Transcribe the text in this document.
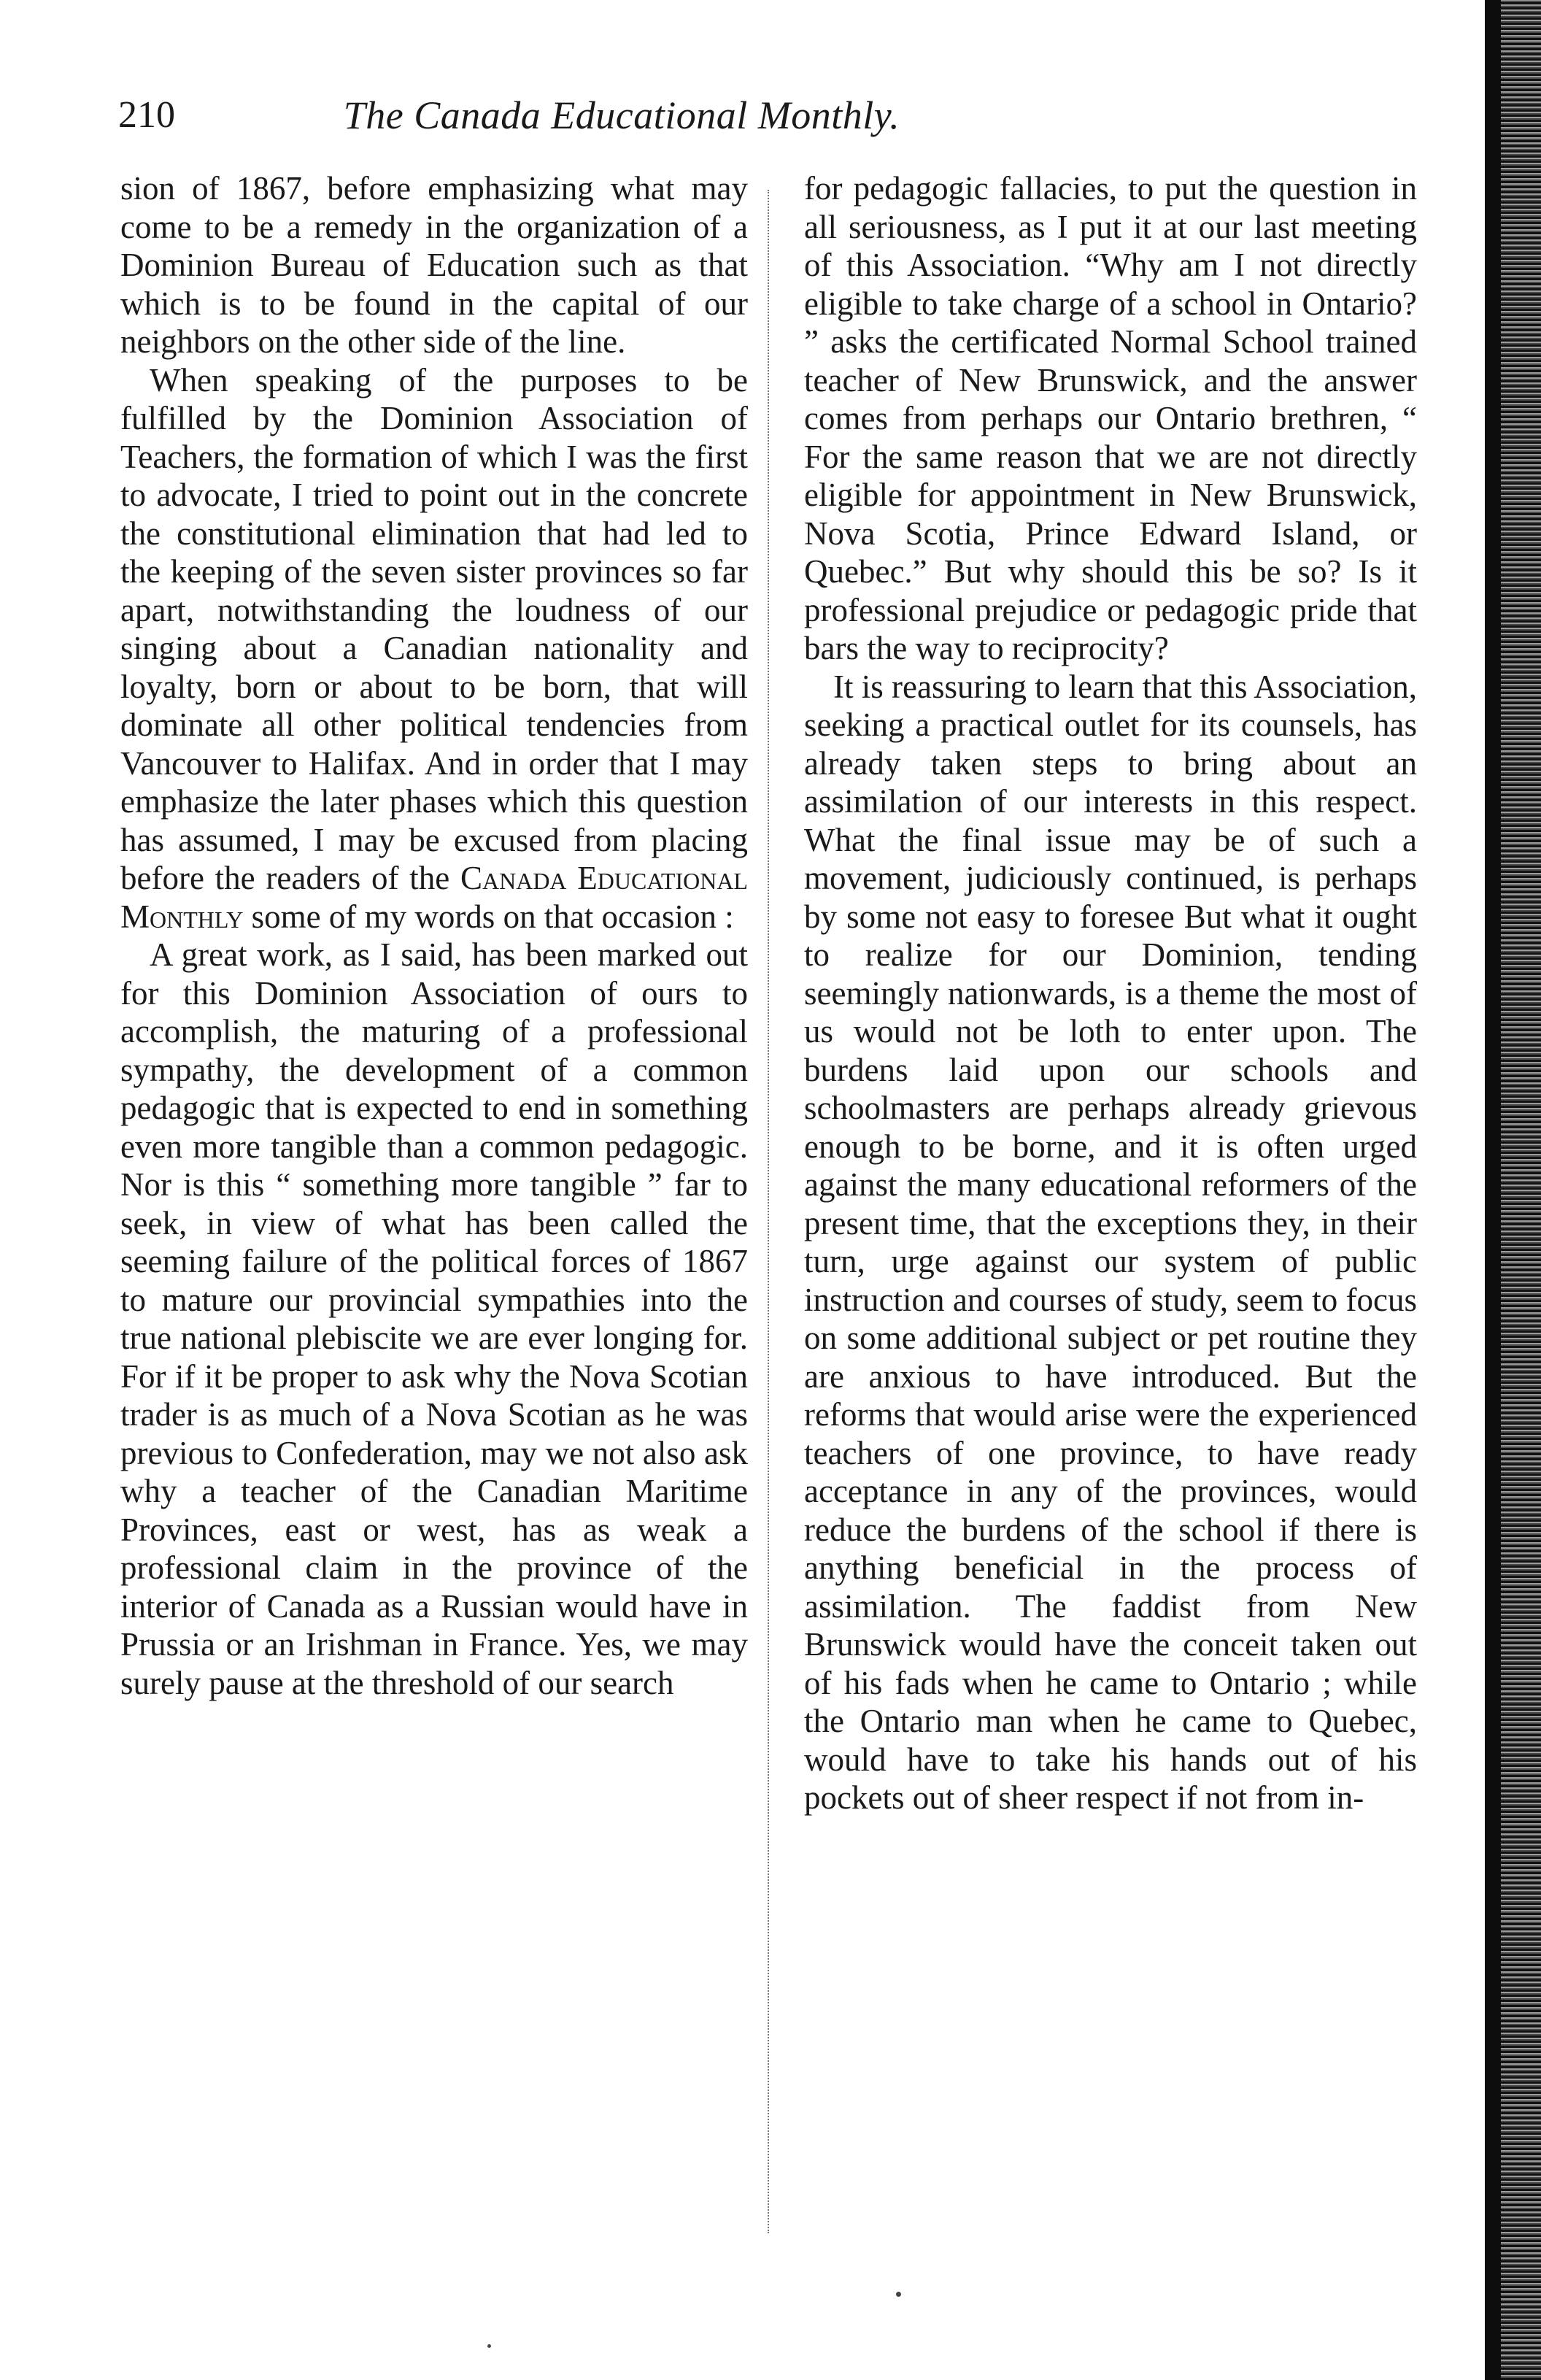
210	The Canada Educational Monthly.

sion of 1867, before emphasizing what may come to be a remedy in the organization of a Dominion Bureau of Education such as that which is to be found in the capital of our neighbors on the other side of the line.

When speaking of the purposes to be fulfilled by the Dominion Association of Teachers, the formation of which I was the first to advocate, I tried to point out in the concrete the constitutional elimination that had led to the keeping of the seven sister provinces so far apart, notwithstanding the loudness of our singing about a Canadian nationality and loyalty, born or about to be born, that will dominate all other political tendencies from Vancouver to Halifax. And in order that I may emphasize the later phases which this question has assumed, I may be excused from placing before the readers of the Canada Educational Monthly some of my words on that occasion :

A great work, as I said, has been marked out for this Dominion Association of ours to accomplish, the maturing of a professional sympathy, the development of a common pedagogic that is expected to end in something even more tangible than a common pedagogic. Nor is this “ something more tangible ” far to seek, in view of what has been called the seeming failure of the political forces of 1867 to mature our provincial sympathies into the true national plebiscite we are ever longing for. For if it be proper to ask why the Nova Scotian trader is as much of a Nova Scotian as he was previous to Confederation, may we not also ask why a teacher of the Canadian Maritime Provinces, east or west, has as weak a professional claim in the province of the interior of Canada as a Russian would have in Prussia or an Irishman in France. Yes, we may surely pause at the threshold of our search

for pedagogic fallacies, to put the question in all seriousness, as I put it at our last meeting of this Association. “Why am I not directly eligible to take charge of a school in Ontario? ” asks the certificated Normal School trained teacher of New Brunswick, and the answer comes from perhaps our Ontario brethren, “ For the same reason that we are not directly eligible for appointment in New Brunswick, Nova Scotia, Prince Edward Island, or Quebec.” But why should this be so? Is it professional prejudice or pedagogic pride that bars the way to reciprocity?

It is reassuring to learn that this Association, seeking a practical outlet for its counsels, has already taken steps to bring about an assimilation of our interests in this respect. What the final issue may be of such a movement, judiciously continued, is perhaps by some not easy to foresee But what it ought to realize for our Dominion, tending seemingly nationwards, is a theme the most of us would not be loth to enter upon. The burdens laid upon our schools and schoolmasters are perhaps already grievous enough to be borne, and it is often urged against the many educational reformers of the present time, that the exceptions they, in their turn, urge against our system of public instruction and courses of study, seem to focus on some additional subject or pet routine they are anxious to have introduced. But the reforms that would arise were the experienced teachers of one province, to have ready acceptance in any of the provinces, would reduce the burdens of the school if there is anything beneficial in the process of assimilation. The faddist from New Brunswick would have the conceit taken out of his fads when he came to Ontario ; while the Ontario man when he came to Quebec, would have to take his hands out of his pockets out of sheer respect if not from in-
